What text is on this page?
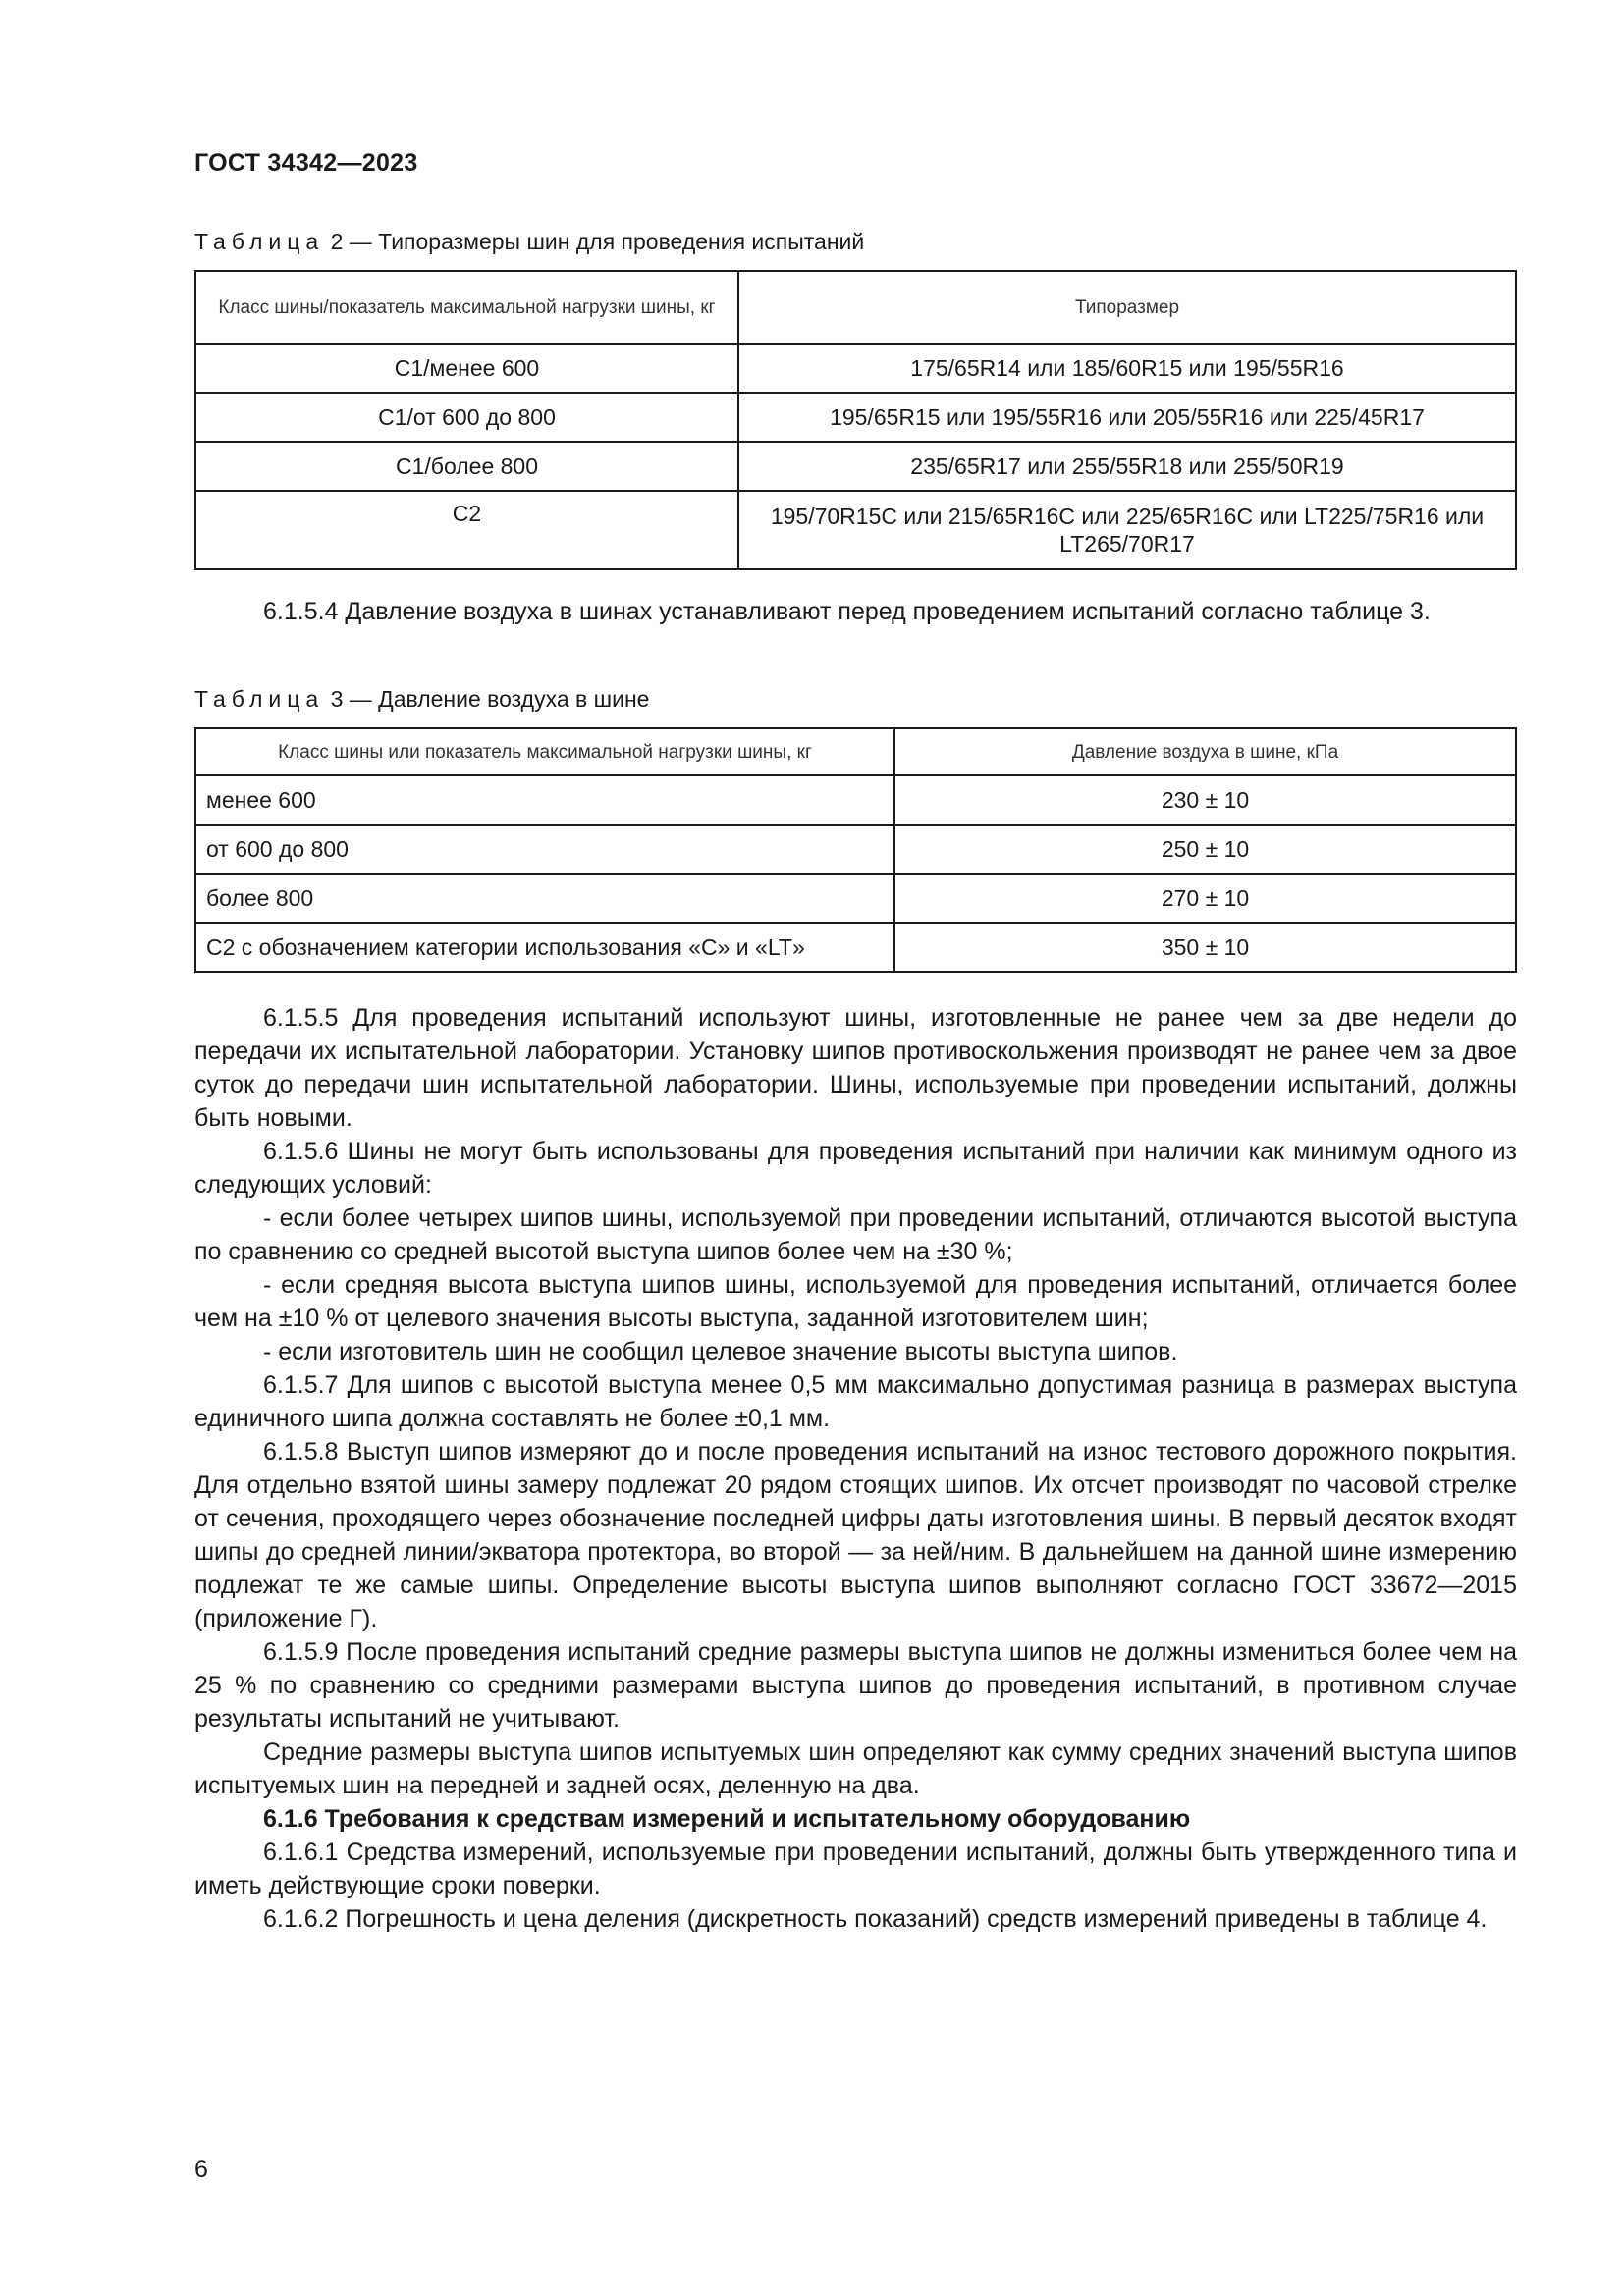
ГОСТ 34342—2023
Таблица 2 — Типоразмеры шин для проведения испытаний
Класс шины/показатель максимальной нагрузки шины, кг	Типоразмер
С1/менее 600	175/65R14 или 185/60R15 или 195/55R16
С1/от 600 до 800	195/65R15 или 195/55R16 или 205/55R16 или 225/45R17
С1/более 800	235/65R17 или 255/55R18 или 255/50R19
С2	195/70R15C или 215/65R16C или 225/65R16C или LT225/75R16 или LT265/70R17

6.1.5.4 Давление воздуха в шинах устанавливают перед проведением испытаний согласно таблице 3.

Таблица 3 — Давление воздуха в шине
Класс шины или показатель максимальной нагрузки шины, кг	Давление воздуха в шине, кПа
менее 600	230 ± 10
от 600 до 800	250 ± 10
более 800	270 ± 10
С2 с обозначением категории использования «С» и «LT»	350 ± 10

6.1.5.5 Для проведения испытаний используют шины, изготовленные не ранее чем за две недели до передачи их испытательной лаборатории. Установку шипов противоскольжения производят не ранее чем за двое суток до передачи шин испытательной лаборатории. Шины, используемые при проведении испытаний, должны быть новыми.

6.1.5.6 Шины не могут быть использованы для проведения испытаний при наличии как минимум одного из следующих условий:

- если более четырех шипов шины, используемой при проведении испытаний, отличаются высотой выступа по сравнению со средней высотой выступа шипов более чем на ±30 %;

- если средняя высота выступа шипов шины, используемой для проведения испытаний, отличается более чем на ±10 % от целевого значения высоты выступа, заданной изготовителем шин;

- если изготовитель шин не сообщил целевое значение высоты выступа шипов.

6.1.5.7 Для шипов с высотой выступа менее 0,5 мм максимально допустимая разница в размерах выступа единичного шипа должна составлять не более ±0,1 мм.

6.1.5.8 Выступ шипов измеряют до и после проведения испытаний на износ тестового дорожного покрытия. Для отдельно взятой шины замеру подлежат 20 рядом стоящих шипов. Их отсчет производят по часовой стрелке от сечения, проходящего через обозначение последней цифры даты изготовления шины. В первый десяток входят шипы до средней линии/экватора протектора, во второй — за ней/ним. В дальнейшем на данной шине измерению подлежат те же самые шипы. Определение высоты выступа шипов выполняют согласно ГОСТ 33672—2015 (приложение Г).

6.1.5.9 После проведения испытаний средние размеры выступа шипов не должны измениться более чем на 25 % по сравнению со средними размерами выступа шипов до проведения испытаний, в противном случае результаты испытаний не учитывают.

Средние размеры выступа шипов испытуемых шин определяют как сумму средних значений выступа шипов испытуемых шин на передней и задней осях, деленную на два.

6.1.6 Требования к средствам измерений и испытательному оборудованию

6.1.6.1 Средства измерений, используемые при проведении испытаний, должны быть утвержденного типа и иметь действующие сроки поверки.

6.1.6.2 Погрешность и цена деления (дискретность показаний) средств измерений приведены в таблице 4.

6
